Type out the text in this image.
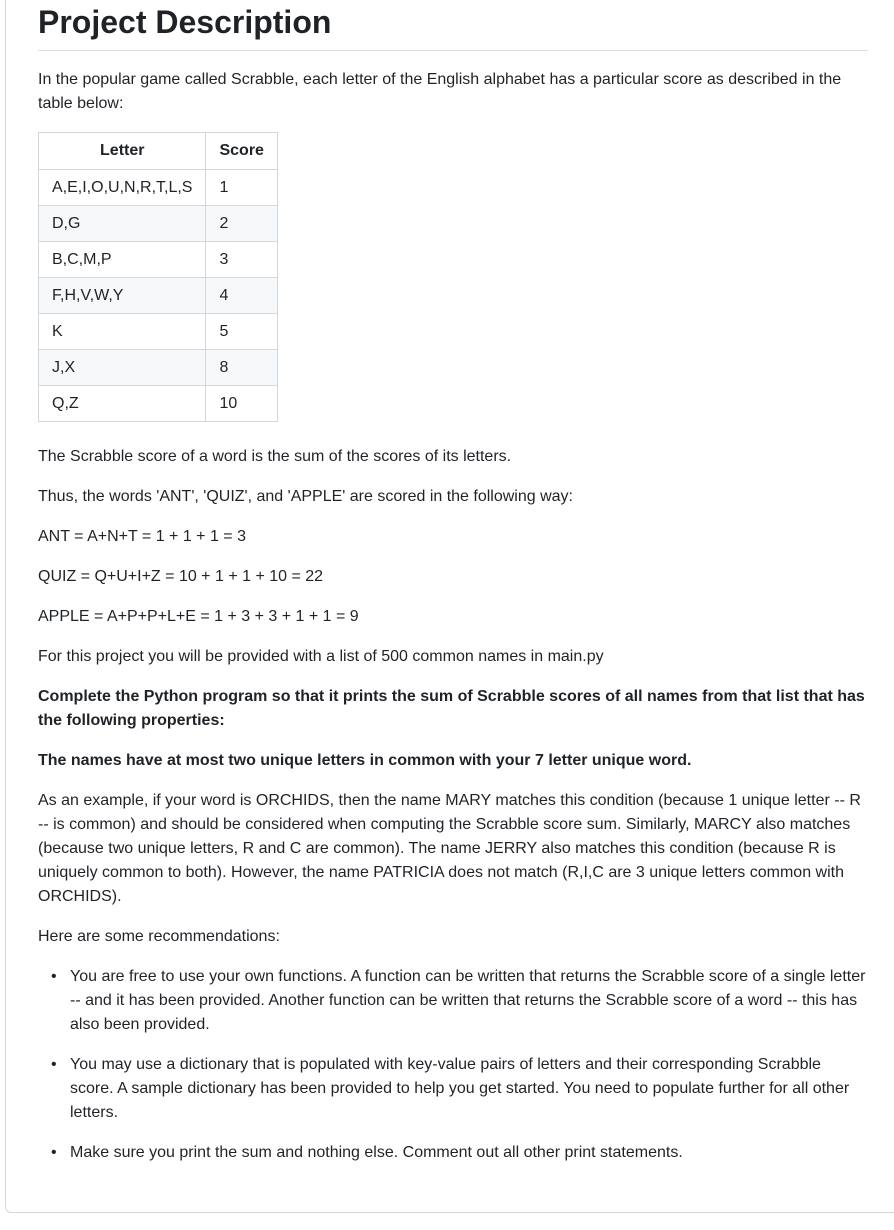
Project Description

In the popular game called Scrabble, each letter of the English alphabet has a particular score as described in the table below:

Letter	Score
A,E,I,O,U,N,R,T,L,S	1
D,G	2
B,C,M,P	3
F,H,V,W,Y	4
K	5
J,X	8
Q,Z	10

The Scrabble score of a word is the sum of the scores of its letters.

Thus, the words 'ANT', 'QUIZ', and 'APPLE' are scored in the following way:

ANT = A+N+T = 1 + 1 + 1 = 3

QUIZ = Q+U+I+Z = 10 + 1 + 1 + 10 = 22

APPLE = A+P+P+L+E = 1 + 3 + 3 + 1 + 1 = 9

For this project you will be provided with a list of 500 common names in main.py

Complete the Python program so that it prints the sum of Scrabble scores of all names from that list that has the following properties:

The names have at most two unique letters in common with your 7 letter unique word.

As an example, if your word is ORCHIDS, then the name MARY matches this condition (because 1 unique letter -- R -- is common) and should be considered when computing the Scrabble score sum. Similarly, MARCY also matches (because two unique letters, R and C are common). The name JERRY also matches this condition (because R is uniquely common to both). However, the name PATRICIA does not match (R,I,C are 3 unique letters common with ORCHIDS).

Here are some recommendations:

• You are free to use your own functions. A function can be written that returns the Scrabble score of a single letter -- and it has been provided. Another function can be written that returns the Scrabble score of a word -- this has also been provided.
• You may use a dictionary that is populated with key-value pairs of letters and their corresponding Scrabble score. A sample dictionary has been provided to help you get started. You need to populate further for all other letters.
• Make sure you print the sum and nothing else. Comment out all other print statements.
